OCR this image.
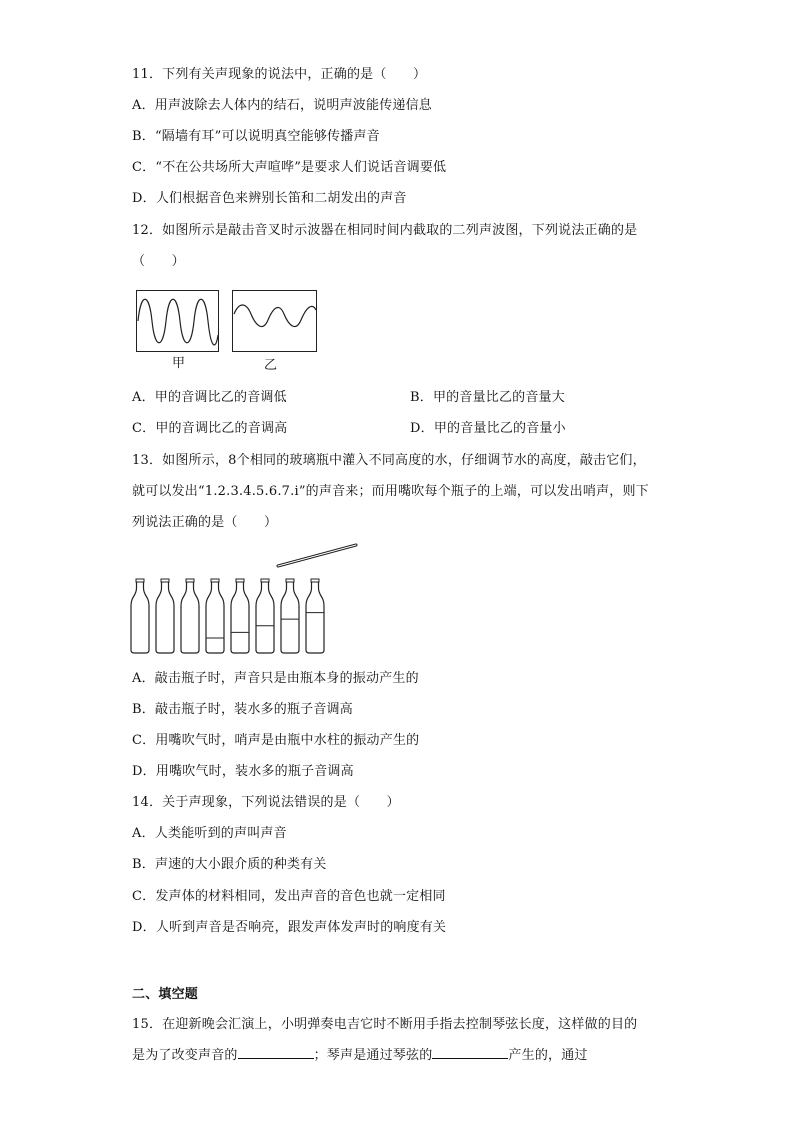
11．下列有关声现象的说法中，正确的是（　　）
A．用声波除去人体内的结石，说明声波能传递信息
B．“隔墙有耳”可以说明真空能够传播声音
C．“不在公共场所大声喧哗”是要求人们说话音调要低
D．人们根据音色来辨别长笛和二胡发出的声音
12．如图所示是敲击音叉时示波器在相同时间内截取的二列声波图，下列说法正确的是
（　　）
甲	乙
A．甲的音调比乙的音调低	B．甲的音量比乙的音量大
C．甲的音调比乙的音调高	D．甲的音量比乙的音量小
13．如图所示，8个相同的玻璃瓶中灌入不同高度的水，仔细调节水的高度，敲击它们，
就可以发出“1.2.3.4.5.6.7.i”的声音来；而用嘴吹每个瓶子的上端，可以发出哨声，则下
列说法正确的是（　　）
A．敲击瓶子时，声音只是由瓶本身的振动产生的
B．敲击瓶子时，装水多的瓶子音调高
C．用嘴吹气时，哨声是由瓶中水柱的振动产生的
D．用嘴吹气时，装水多的瓶子音调高
14．关于声现象，下列说法错误的是（　　）
A．人类能听到的声叫声音
B．声速的大小跟介质的种类有关
C．发声体的材料相同，发出声音的音色也就一定相同
D．人听到声音是否响亮，跟发声体发声时的响度有关
二、填空题
15．在迎新晚会汇演上，小明弹奏电吉它时不断用手指去控制琴弦长度，这样做的目的
是为了改变声音的	；琴声是通过琴弦的	产生的，通过
